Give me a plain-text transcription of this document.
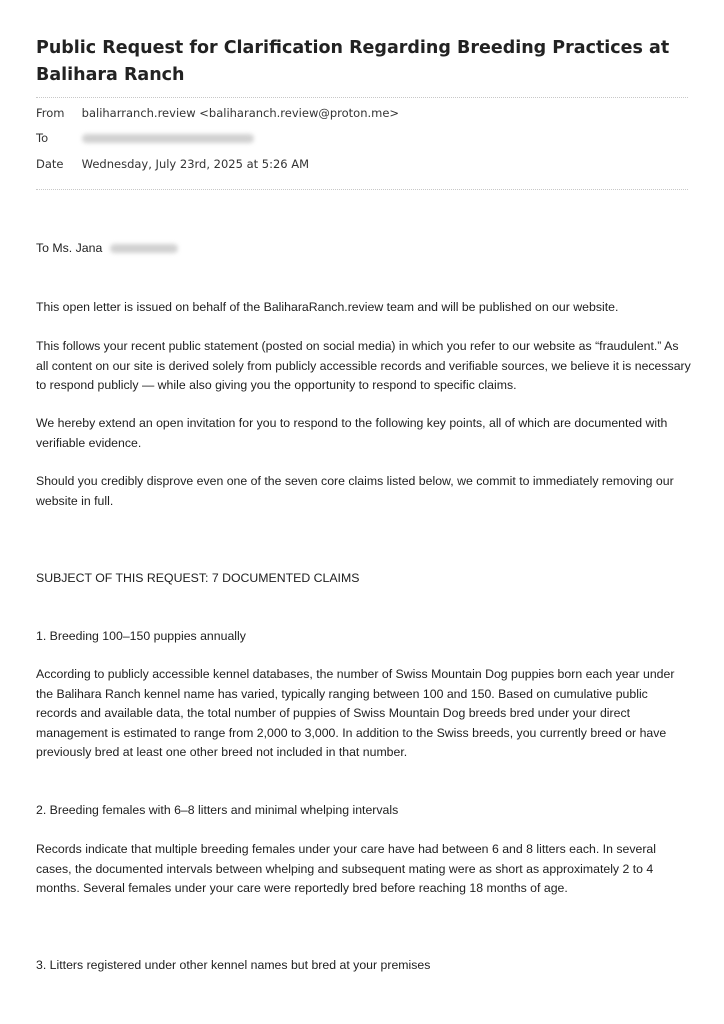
Public Request for Clarification Regarding Breeding Practices at Balihara Ranch
From baliharranch.review <baliharanch.review@proton.me>
To
Date Wednesday, July 23rd, 2025 at 5:26 AM
To Ms. Jana

This open letter is issued on behalf of the BaliharaRanch.review team and will be published on our website.

This follows your recent public statement (posted on social media) in which you refer to our website as “fraudulent.” As all content on our site is derived solely from publicly accessible records and verifiable sources, we believe it is necessary to respond publicly — while also giving you the opportunity to respond to specific claims.

We hereby extend an open invitation for you to respond to the following key points, all of which are documented with verifiable evidence.

Should you credibly disprove even one of the seven core claims listed below, we commit to immediately removing our website in full.

SUBJECT OF THIS REQUEST: 7 DOCUMENTED CLAIMS

1. Breeding 100–150 puppies annually

According to publicly accessible kennel databases, the number of Swiss Mountain Dog puppies born each year under the Balihara Ranch kennel name has varied, typically ranging between 100 and 150. Based on cumulative public records and available data, the total number of puppies of Swiss Mountain Dog breeds bred under your direct management is estimated to range from 2,000 to 3,000. In addition to the Swiss breeds, you currently breed or have previously bred at least one other breed not included in that number.

2. Breeding females with 6–8 litters and minimal whelping intervals

Records indicate that multiple breeding females under your care have had between 6 and 8 litters each. In several cases, the documented intervals between whelping and subsequent mating were as short as approximately 2 to 4 months. Several females under your care were reportedly bred before reaching 18 months of age.

3. Litters registered under other kennel names but bred at your premises
